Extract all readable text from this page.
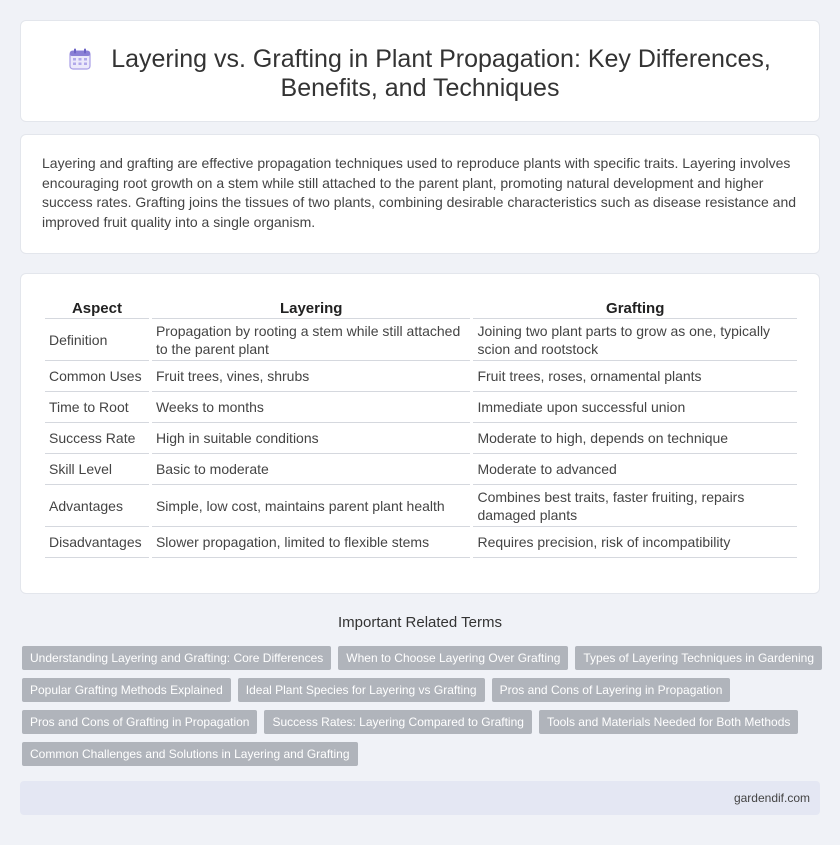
Layering vs. Grafting in Plant Propagation: Key Differences,
Benefits, and Techniques

Layering and grafting are effective propagation techniques used to reproduce plants with specific traits. Layering involves encouraging root growth on a stem while still attached to the parent plant, promoting natural development and higher success rates. Grafting joins the tissues of two plants, combining desirable characteristics such as disease resistance and improved fruit quality into a single organism.

Aspect	Layering	Grafting
Definition	Propagation by rooting a stem while still attached to the parent plant	Joining two plant parts to grow as one, typically scion and rootstock
Common Uses	Fruit trees, vines, shrubs	Fruit trees, roses, ornamental plants
Time to Root	Weeks to months	Immediate upon successful union
Success Rate	High in suitable conditions	Moderate to high, depends on technique
Skill Level	Basic to moderate	Moderate to advanced
Advantages	Simple, low cost, maintains parent plant health	Combines best traits, faster fruiting, repairs damaged plants
Disadvantages	Slower propagation, limited to flexible stems	Requires precision, risk of incompatibility
Important Related Terms
Understanding Layering and Grafting: Core Differences	When to Choose Layering Over Grafting	Types of Layering Techniques in Gardening
Popular Grafting Methods Explained	Ideal Plant Species for Layering vs Grafting	Pros and Cons of Layering in Propagation
Pros and Cons of Grafting in Propagation	Success Rates: Layering Compared to Grafting	Tools and Materials Needed for Both Methods
Common Challenges and Solutions in Layering and Grafting
gardendif.com
